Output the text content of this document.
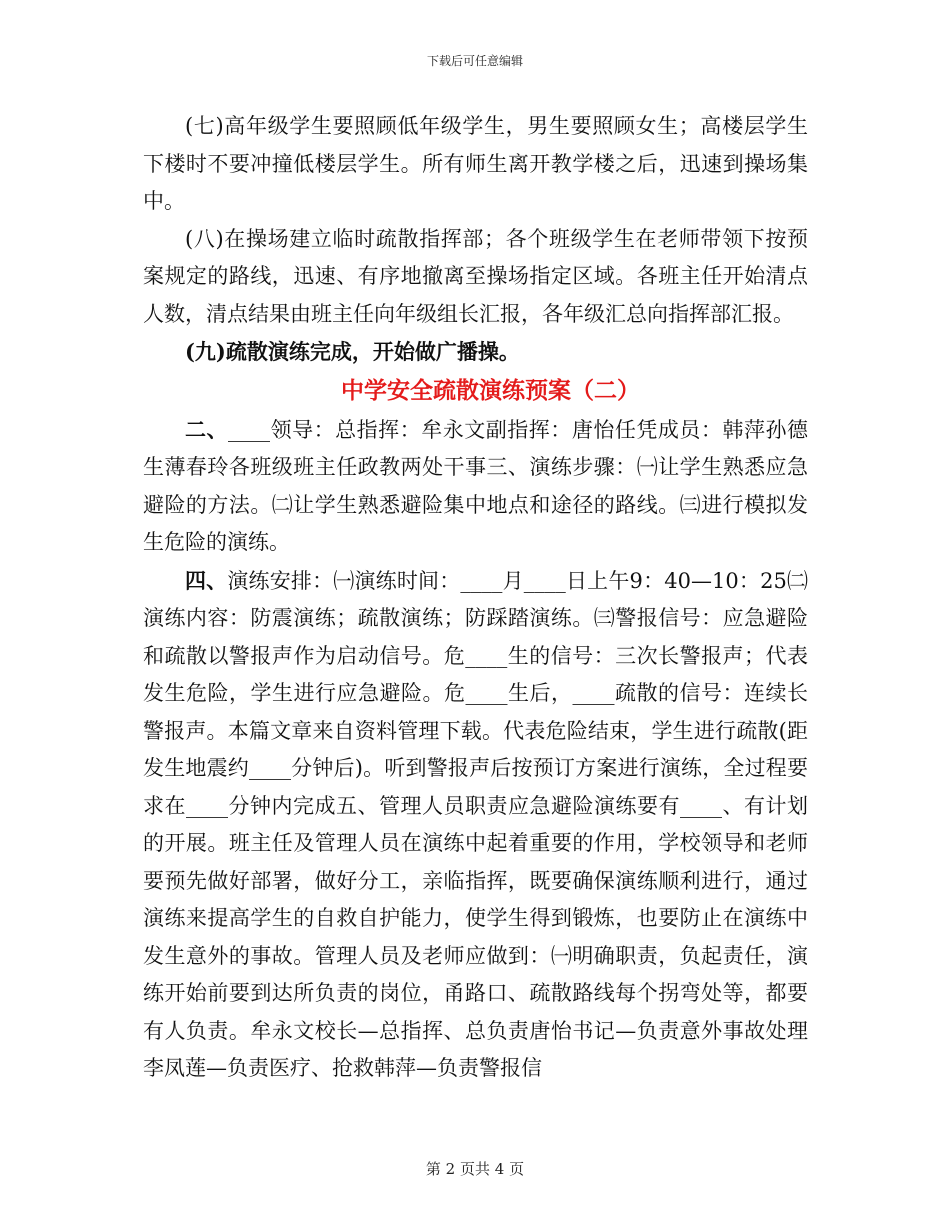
下载后可任意编辑

(七)高年级学生要照顾低年级学生，男生要照顾女生；高楼层学生下楼时不要冲撞低楼层学生。所有师生离开教学楼之后，迅速到操场集中。

(八)在操场建立临时疏散指挥部；各个班级学生在老师带领下按预案规定的路线，迅速、有序地撤离至操场指定区域。各班主任开始清点人数，清点结果由班主任向年级组长汇报，各年级汇总向指挥部汇报。

(九)疏散演练完成，开始做广播操。

中学安全疏散演练预案（二）

二、____领导：总指挥：牟永文副指挥：唐怡任凭成员：韩萍孙德生薄春玲各班级班主任政教两处干事三、演练步骤：㈠让学生熟悉应急避险的方法。㈡让学生熟悉避险集中地点和途径的路线。㈢进行模拟发生危险的演练。

四、演练安排：㈠演练时间：____月____日上午9：40—10：25㈡演练内容：防震演练；疏散演练；防踩踏演练。㈢警报信号：应急避险和疏散以警报声作为启动信号。危____生的信号：三次长警报声；代表发生危险，学生进行应急避险。危____生后，____疏散的信号：连续长警报声。本篇文章来自资料管理下载。代表危险结束，学生进行疏散(距发生地震约____分钟后)。听到警报声后按预订方案进行演练，全过程要求在____分钟内完成五、管理人员职责应急避险演练要有____、有计划的开展。班主任及管理人员在演练中起着重要的作用，学校领导和老师要预先做好部署，做好分工，亲临指挥，既要确保演练顺利进行，通过演练来提高学生的自救自护能力，使学生得到锻炼，也要防止在演练中发生意外的事故。管理人员及老师应做到：㈠明确职责，负起责任，演练开始前要到达所负责的岗位，甬路口、疏散路线每个拐弯处等，都要有人负责。牟永文校长—总指挥、总负责唐怡书记—负责意外事故处理李凤莲—负责医疗、抢救韩萍—负责警报信

第 2 页共 4 页
